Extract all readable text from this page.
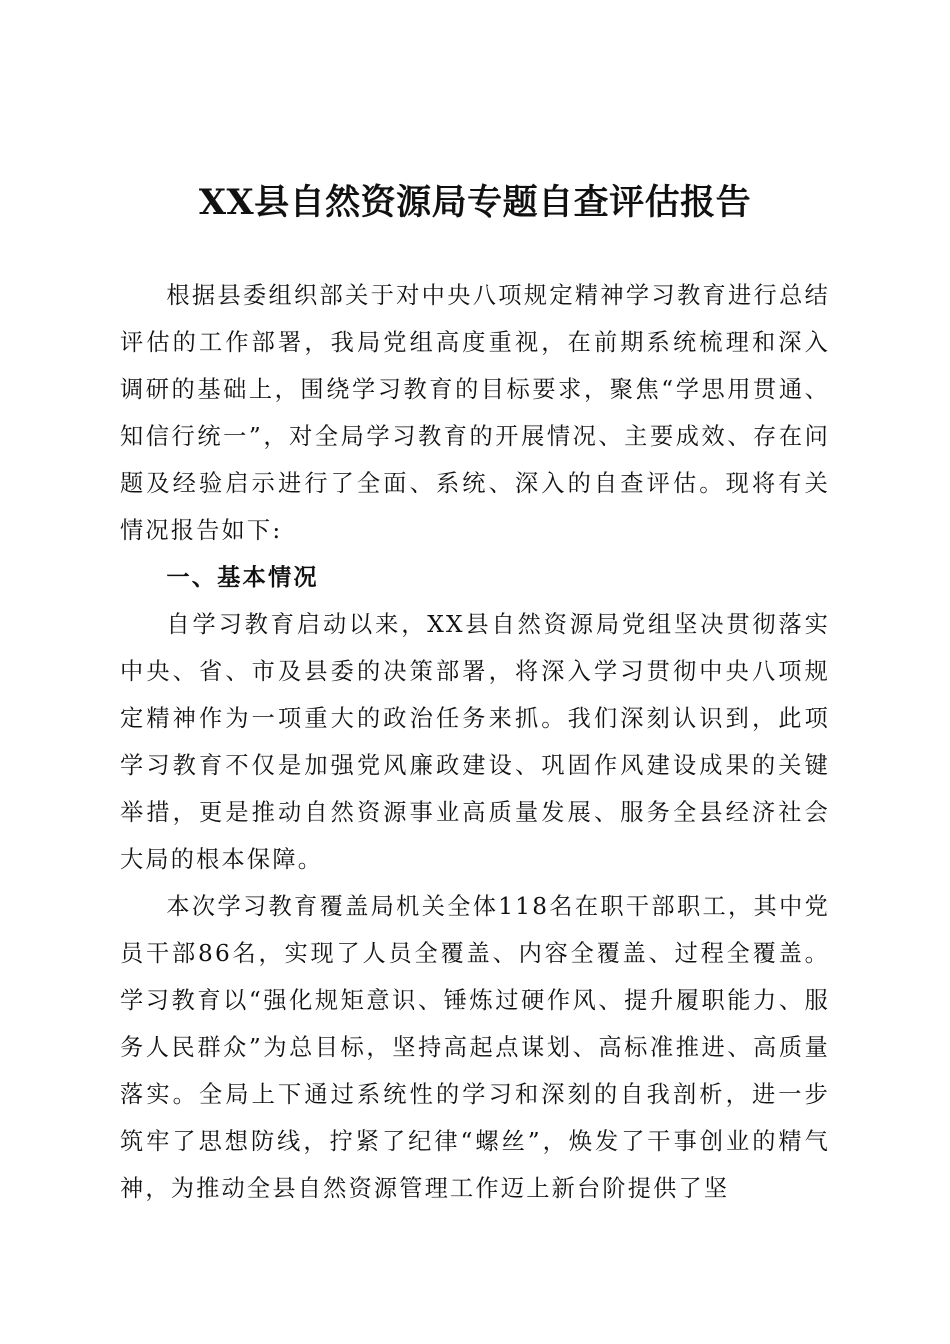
XX县自然资源局专题自查评估报告

根据县委组织部关于对中央八项规定精神学习教育进行总结评估的工作部署，我局党组高度重视，在前期系统梳理和深入调研的基础上，围绕学习教育的目标要求，聚焦“学思用贯通、知信行统一”，对全局学习教育的开展情况、主要成效、存在问题及经验启示进行了全面、系统、深入的自查评估。现将有关情况报告如下:

一、基本情况

自学习教育启动以来，XX县自然资源局党组坚决贯彻落实中央、省、市及县委的决策部署，将深入学习贯彻中央八项规定精神作为一项重大的政治任务来抓。我们深刻认识到，此项学习教育不仅是加强党风廉政建设、巩固作风建设成果的关键举措，更是推动自然资源事业高质量发展、服务全县经济社会大局的根本保障。

本次学习教育覆盖局机关全体118名在职干部职工，其中党员干部86名，实现了人员全覆盖、内容全覆盖、过程全覆盖。学习教育以“强化规矩意识、锤炼过硬作风、提升履职能力、服务人民群众”为总目标，坚持高起点谋划、高标准推进、高质量落实。全局上下通过系统性的学习和深刻的自我剖析，进一步筑牢了思想防线，拧紧了纪律“螺丝”，焕发了干事创业的精气神，为推动全县自然资源管理工作迈上新台阶提供了坚
